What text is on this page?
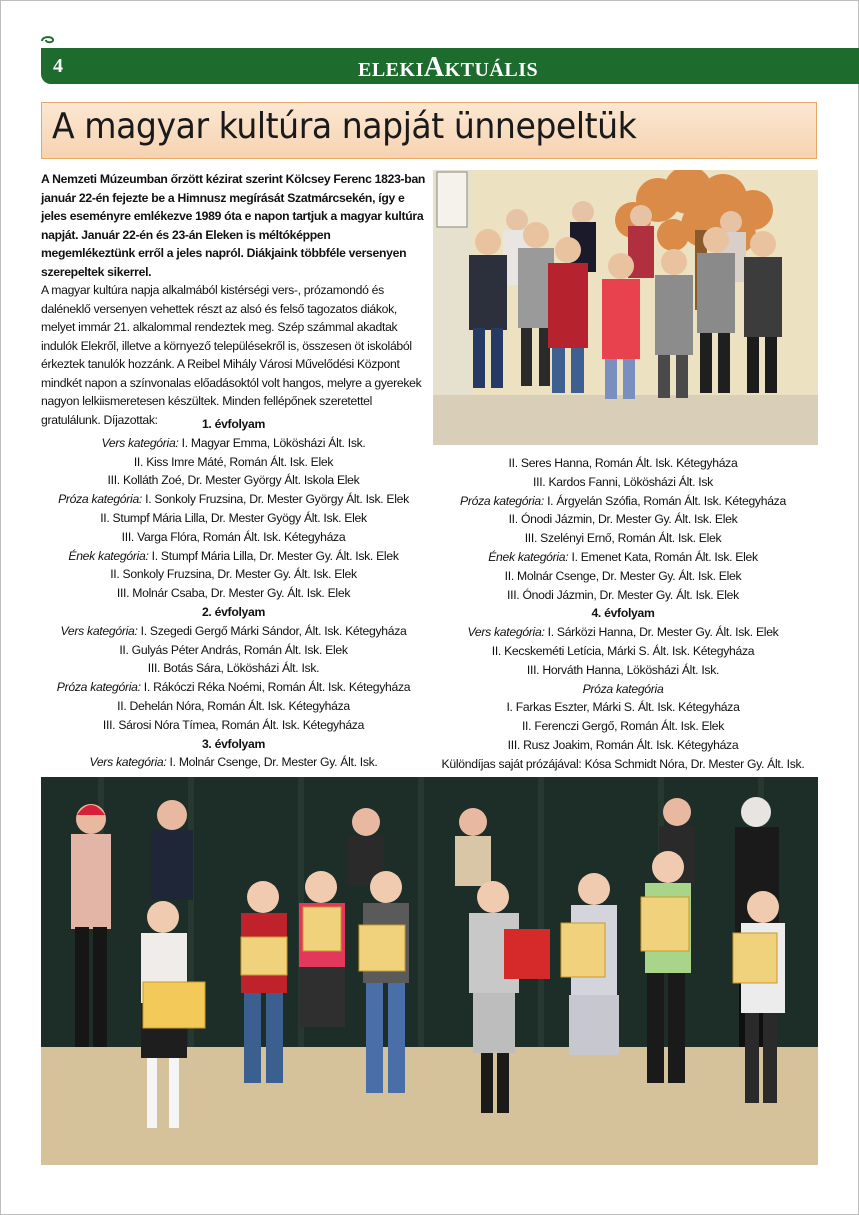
4	ELEKIAKTUÁLIS
A magyar kultúra napját ünnepeltük

A Nemzeti Múzeumban őrzött kézirat szerint Kölcsey Ferenc 1823-ban január 22-én fejezte be a Himnusz megírását Szatmárcsekén, így e jeles eseményre emlékezve 1989 óta e napon tartjuk a magyar kultúra napját. Január 22-én és 23-án Eleken is méltóképpen megemlékeztünk erről a jeles napról. Diákjaink többféle versenyen szerepeltek sikerrel.

A magyar kultúra napja alkalmából kistérségi vers-, prózamondó és daléneklő versenyen vehettek részt az alsó és felső tagozatos diákok, melyet immár 21. alkalommal rendeztek meg. Szép számmal akadtak indulók Elekről, illetve a környező településekről is, összesen öt iskolából érkeztek tanulók hozzánk. A Reibel Mihály Városi Művelődési Központ mindkét napon a színvonalas előadásoktól volt hangos, melyre a gyerekek nagyon lelkiismeretesen készültek. Minden fellépőnek szeretettel gratulálunk. Díjazottak:	1. évfolyam
Vers kategória: I. Magyar Emma, Lökösházi Ált. Isk.
II. Kiss Imre Máté, Román Ált. Isk. Elek
III. Kolláth Zoé, Dr. Mester György Ált. Iskola Elek
Próza kategória: I. Sonkoly Fruzsina, Dr. Mester György Ált. Isk. Elek
II. Stumpf Mária Lilla, Dr. Mester Gyögy Ált. Isk. Elek
III. Varga Flóra, Román Ált. Isk. Kétegyháza
Ének kategória: I. Stumpf Mária Lilla, Dr. Mester Gy. Ált. Isk. Elek
II. Sonkoly Fruzsina, Dr. Mester Gy. Ált. Isk. Elek
III. Molnár Csaba, Dr. Mester Gy. Ált. Isk. Elek
2. évfolyam
Vers kategória: I. Szegedi Gergő Márki Sándor, Ált. Isk. Kétegyháza
II. Gulyás Péter András, Román Ált. Isk. Elek
III. Botás Sára, Lökösházi Ált. Isk.
Próza kategória: I. Rákóczi Réka Noémi, Román Ált. Isk. Kétegyháza
II. Dehelán Nóra, Román Ált. Isk. Kétegyháza
III. Sárosi Nóra Tímea, Román Ált. Isk. Kétegyháza
3. évfolyam
Vers kategória: I. Molnár Csenge, Dr. Mester Gy. Ált. Isk.
II. Seres Hanna, Román Ált. Isk. Kétegyháza
III. Kardos Fanni, Lökösházi Ált. Isk
Próza kategória: I. Árgyelán Szófia, Román Ált. Isk. Kétegyháza
II. Ónodi Jázmin, Dr. Mester Gy. Ált. Isk. Elek
III. Szelényi Ernő, Román Ált. Isk. Elek
Ének kategória: I. Emenet Kata, Román Ált. Isk. Elek
II. Molnár Csenge, Dr. Mester Gy. Ált. Isk. Elek
III. Ónodi Jázmin, Dr. Mester Gy. Ált. Isk. Elek
4. évfolyam
Vers kategória: I. Sárközi Hanna, Dr. Mester Gy. Ált. Isk. Elek
II. Kecskeméti Letícia, Márki S. Ált. Isk. Kétegyháza
III. Horváth Hanna, Lökösházi Ált. Isk.
Próza kategória
I. Farkas Eszter, Márki S. Ált. Isk. Kétegyháza
II. Ferenczi Gergő, Román Ált. Isk. Elek
III. Rusz Joakim, Román Ált. Isk. Kétegyháza
Különdíjas saját prózájával: Kósa Schmidt Nóra, Dr. Mester Gy. Ált. Isk.
